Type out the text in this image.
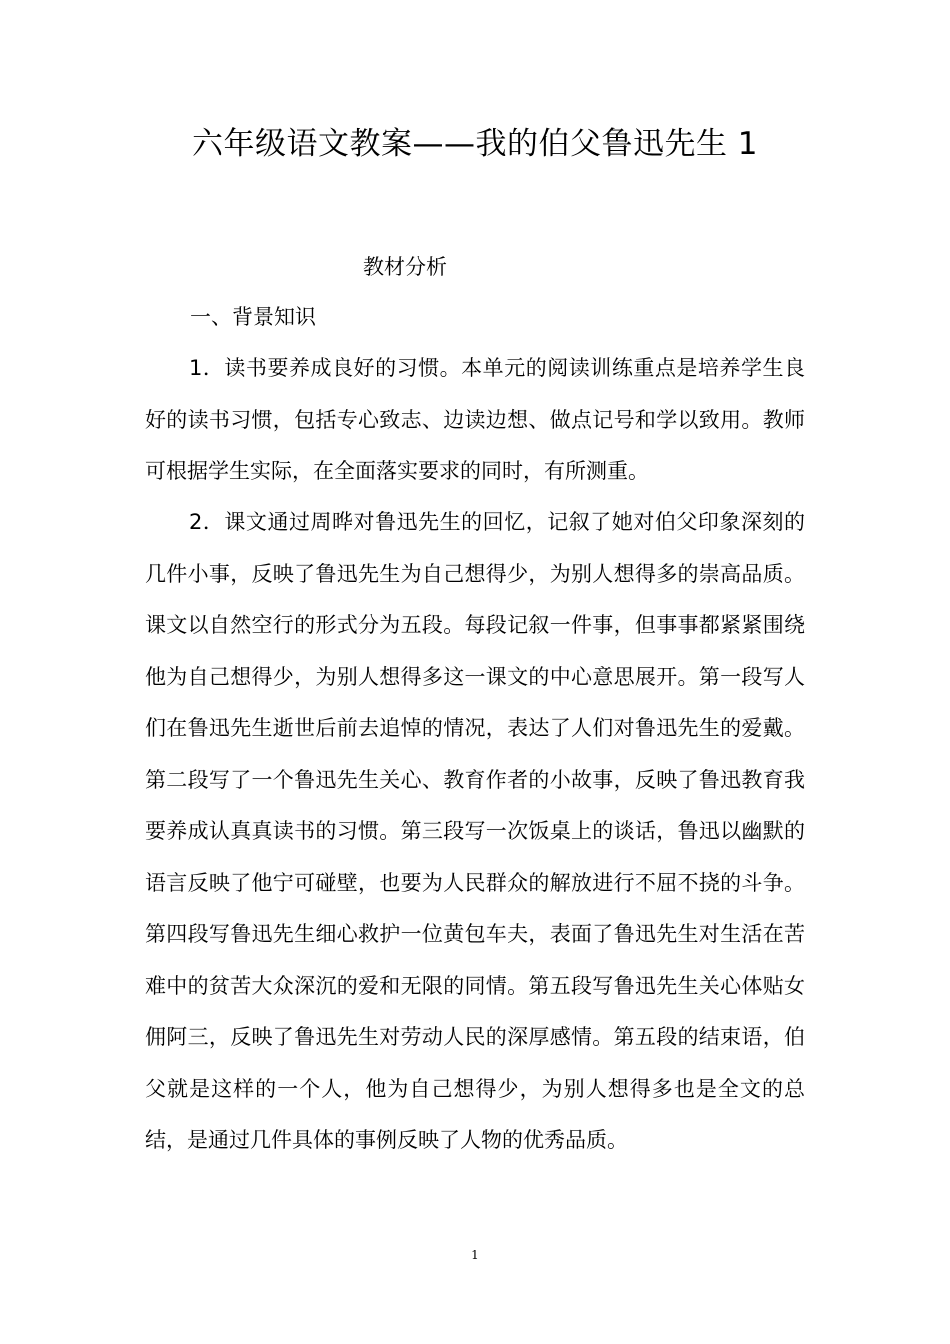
六年级语文教案——我的伯父鲁迅先生 1
教材分析
一、背景知识

1．读书要养成良好的习惯。本单元的阅读训练重点是培养学生良好的读书习惯，包括专心致志、边读边想、做点记号和学以致用。教师可根据学生实际，在全面落实要求的同时，有所测重。

2．课文通过周晔对鲁迅先生的回忆，记叙了她对伯父印象深刻的几件小事，反映了鲁迅先生为自己想得少，为别人想得多的崇高品质。课文以自然空行的形式分为五段。每段记叙一件事，但事事都紧紧围绕他为自己想得少，为别人想得多这一课文的中心意思展开。第一段写人们在鲁迅先生逝世后前去追悼的情况，表达了人们对鲁迅先生的爱戴。第二段写了一个鲁迅先生关心、教育作者的小故事，反映了鲁迅教育我要养成认真真读书的习惯。第三段写一次饭桌上的谈话，鲁迅以幽默的语言反映了他宁可碰壁，也要为人民群众的解放进行不屈不挠的斗争。第四段写鲁迅先生细心救护一位黄包车夫，表面了鲁迅先生对生活在苦难中的贫苦大众深沉的爱和无限的同情。第五段写鲁迅先生关心体贴女佣阿三，反映了鲁迅先生对劳动人民的深厚感情。第五段的结束语，伯父就是这样的一个人，他为自己想得少，为别人想得多也是全文的总结，是通过几件具体的事例反映了人物的优秀品质。

1
